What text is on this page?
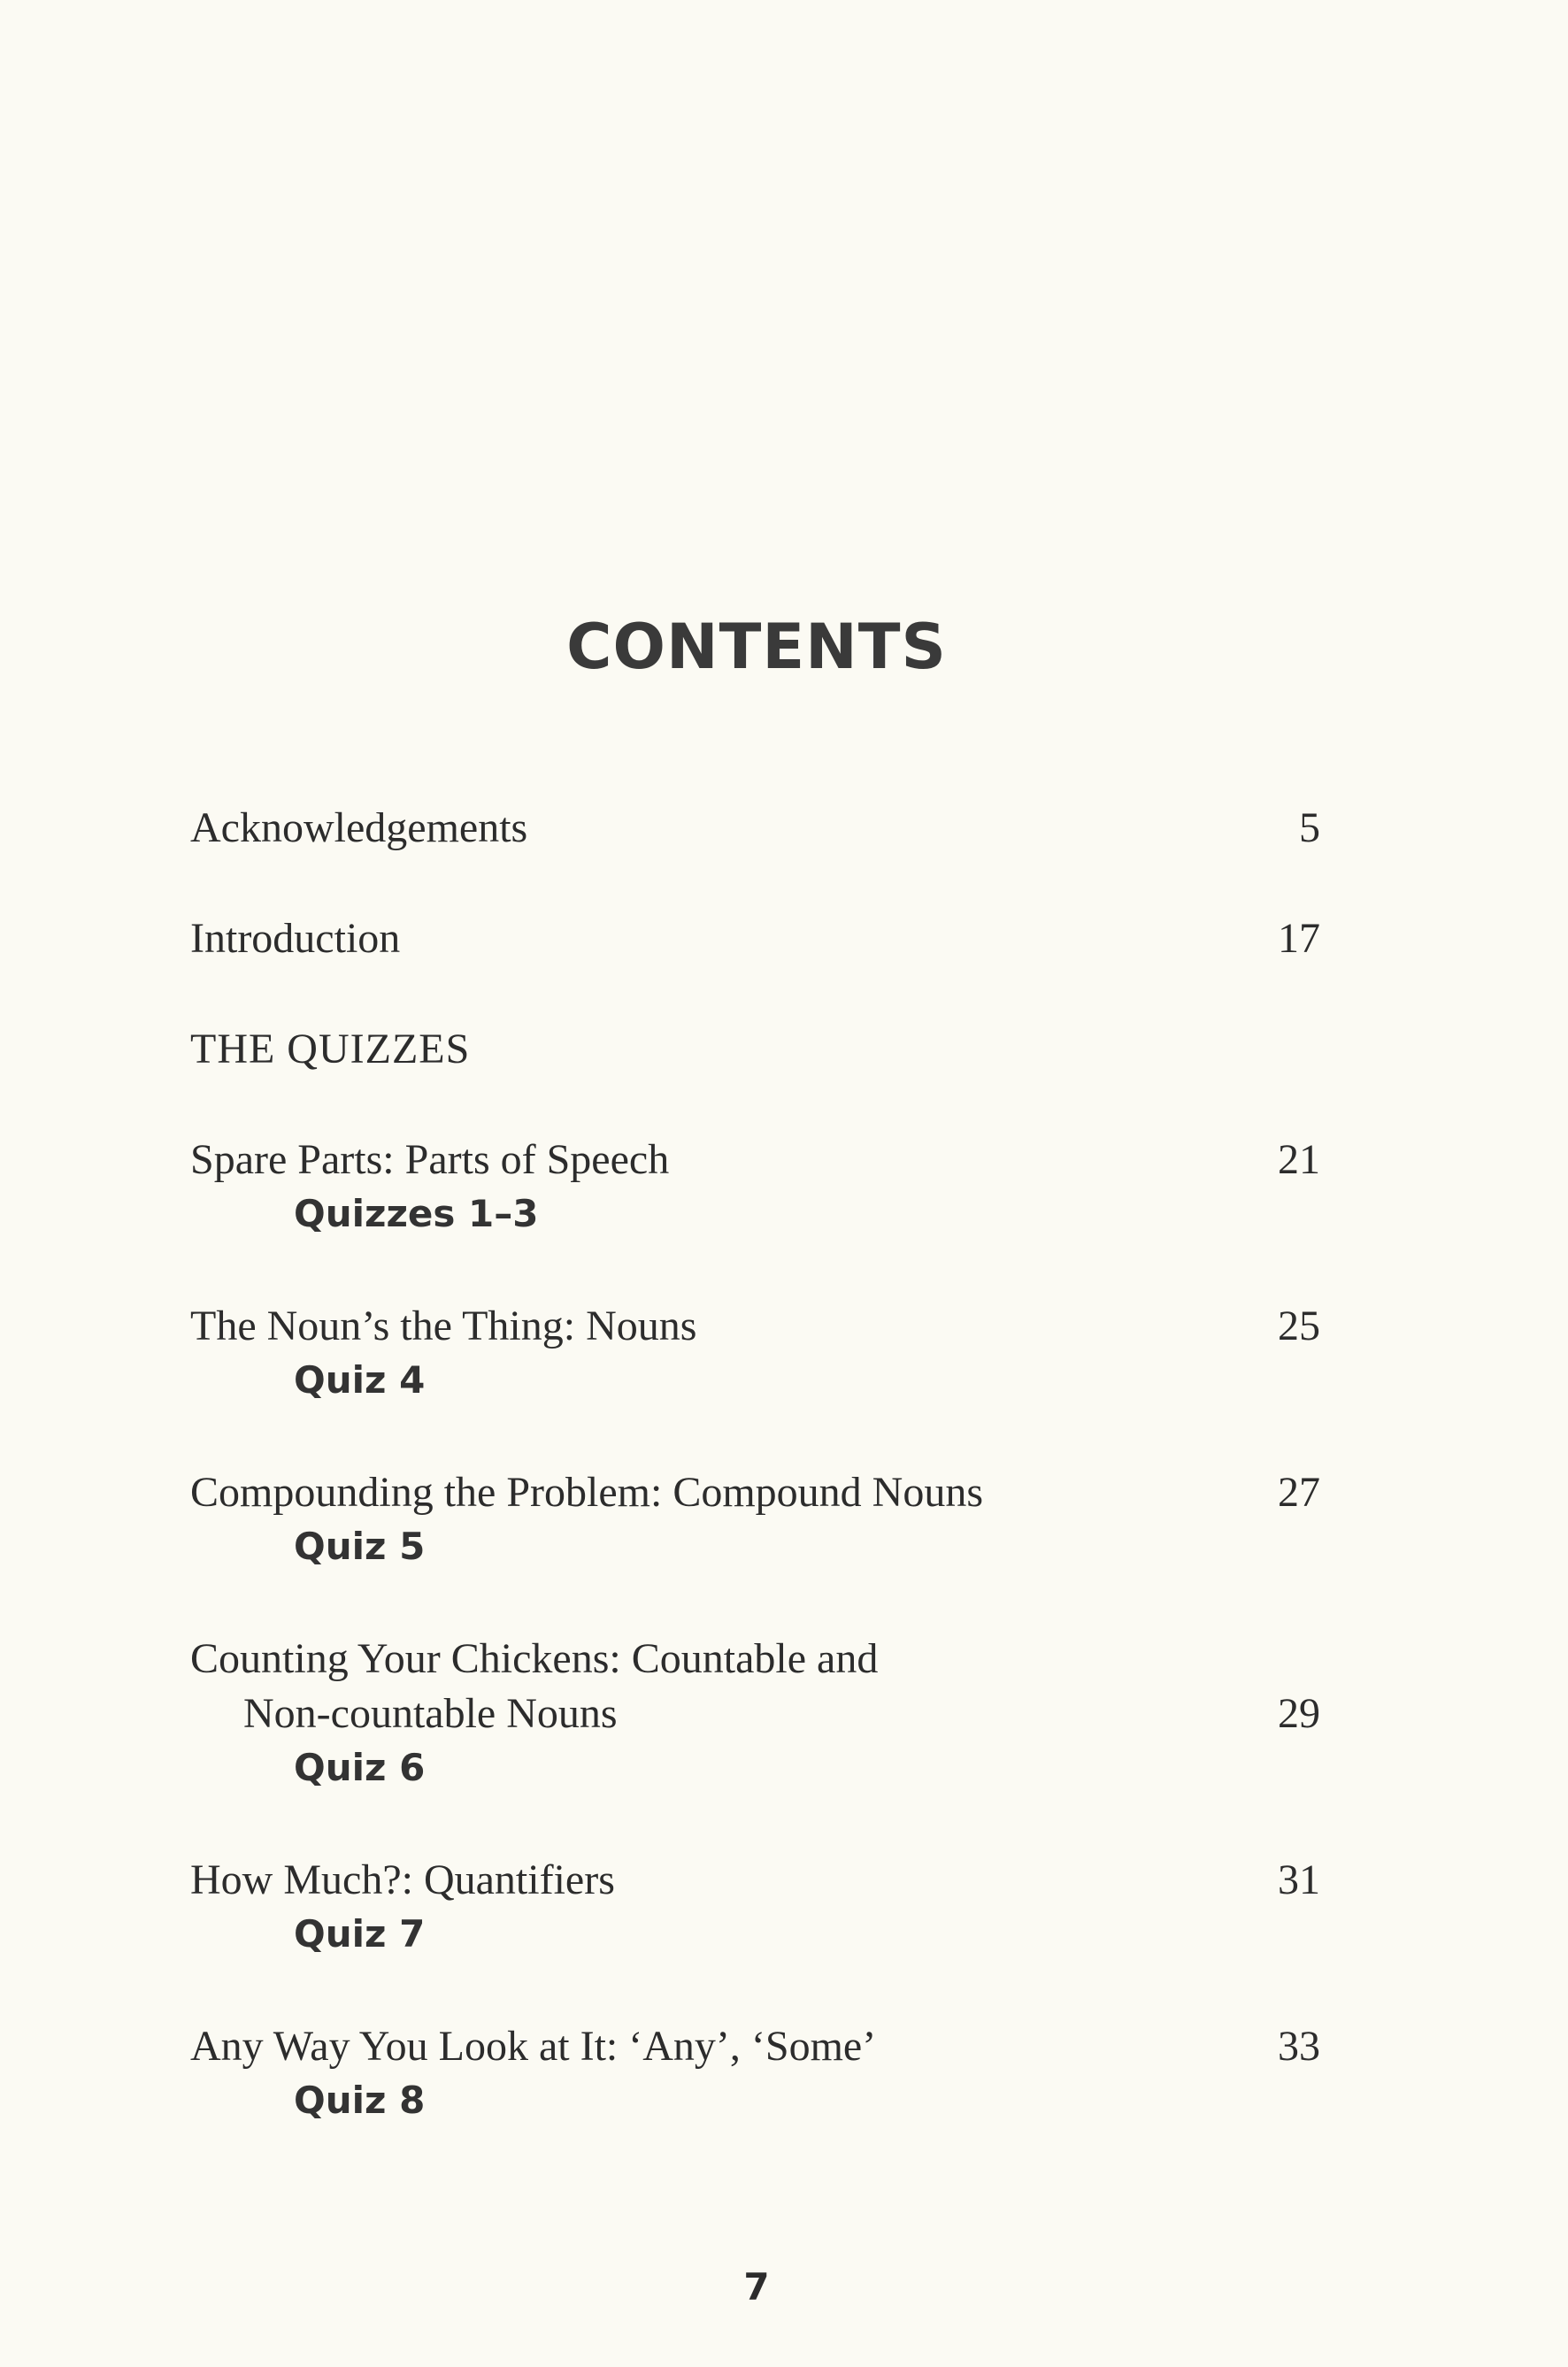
CONTENTS
Acknowledgements	5
Introduction	17
THE QUIZZES
Spare Parts: Parts of Speech
Quizzes 1–3
21
The Noun’s the Thing: Nouns
Quiz 4
25
Compounding the Problem: Compound Nouns
Quiz 5
27
Counting Your Chickens: Countable and
Non-countable Nouns
Quiz 6
29
How Much?: Quantifiers
Quiz 7
31
Any Way You Look at It: ‘Any’, ‘Some’
Quiz 8
33
7
